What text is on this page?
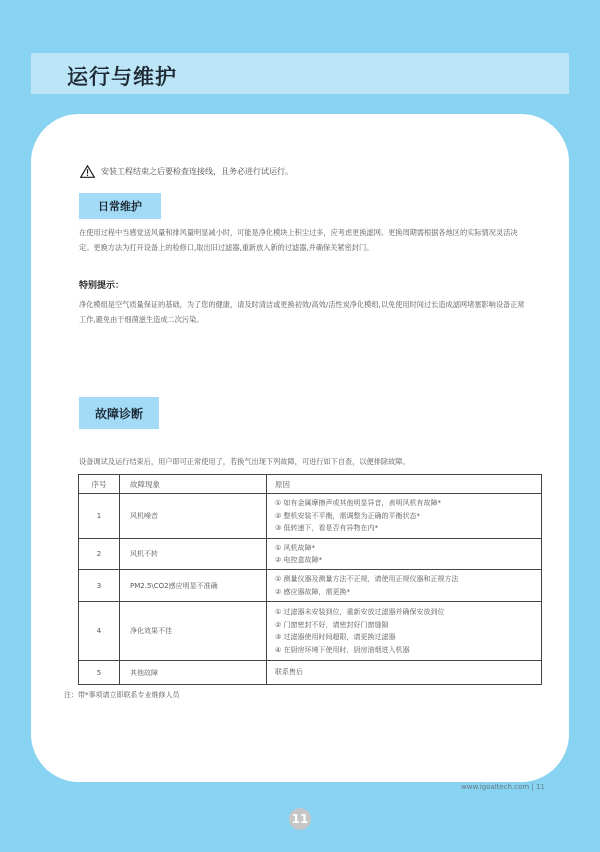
运行与维护
安装工程结束之后要检查连接线，且务必进行试运行。
日常维护
在使用过程中当感觉送风量和排风量明显减小时，可能是净化模块上积尘过多，应考虑更换滤网。更换周期需根据各地区的实际情况灵活决定。更换方法为打开设备上的检修口,取出旧过滤器,重新放入新的过滤器,并确保关紧密封门。
特别提示：
净化模组是空气质量保证的基础，为了您的健康，请及时清洁或更换初效/高效/活性炭净化模组,以免使用时间过长造成滤网堵塞影响设备正常工作,避免由于细菌滋生造成二次污染。
故障诊断
设备调试及运行结束后，用户即可正常使用了，若换气出现下列故障，可进行如下自查，以便排除故障。
序号	故障现象	原因
1	风机噪音	① 如有金属摩擦声或其他明显异音，表明风机有故障*
② 整机安装不平衡，需调整为正确的平衡状态*
③ 低转速下，看是否有异物在内*

2	风机不转	① 风机故障*
② 电控盒故障*

3	PM2.5\CO2感应明显不准确	① 测量仪器及测量方法不正规，请使用正规仪器和正规方法
② 感应器故障，需更换*

4	净化效果不佳	① 过滤器未安装到位，重新安放过滤器并确保安放到位
② 门窗密封不好，请密封好门窗缝隙
③ 过滤器使用时间超限，请更换过滤器
④ 在厨房环境下使用时，厨房油烟进入机器

5	其他故障	联系售后
注：带*事项请立即联系专业维修人员
www.igoaltech.com | 11
11
